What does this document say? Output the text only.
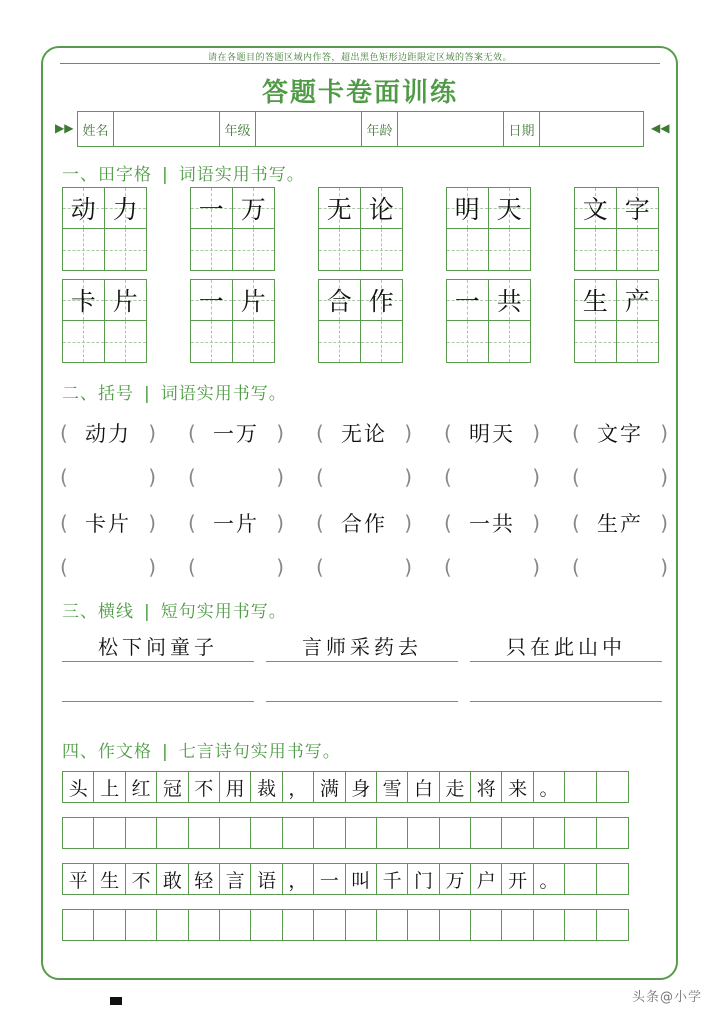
请在各题目的答题区域内作答，超出黑色矩形边距限定区域的答案无效。
答题卡卷面训练
▶▶ 姓名	年级	年龄	日期	◀◀
一、田字格 | 词语实用书写。
动 力 一 万 无 论 明 天 文 字
卡 片 一 片 合 作 一 共 生 产
二、括号 | 词语实用书写。
( 动力 )
(	)
( 一万 )
(	)
( 无论 )
(	)
( 明天 )
(	)
( 文字 )
(	)
( 卡片 )
(	)
( 一片 )
(	)
( 合作 )
(	)
( 一共 )
(	)
( 生产 )
(	)
三、横线 | 短句实用书写。
松下问童子	言师采药去	只在此山中
四、作文格 | 七言诗句实用书写。
头 上 红 冠 不 用 裁 ， 满 身 雪 白 走 将 来 。
平 生 不 敢 轻 言 语 ， 一 叫 千 门 万 户 开 。
头条@小学
